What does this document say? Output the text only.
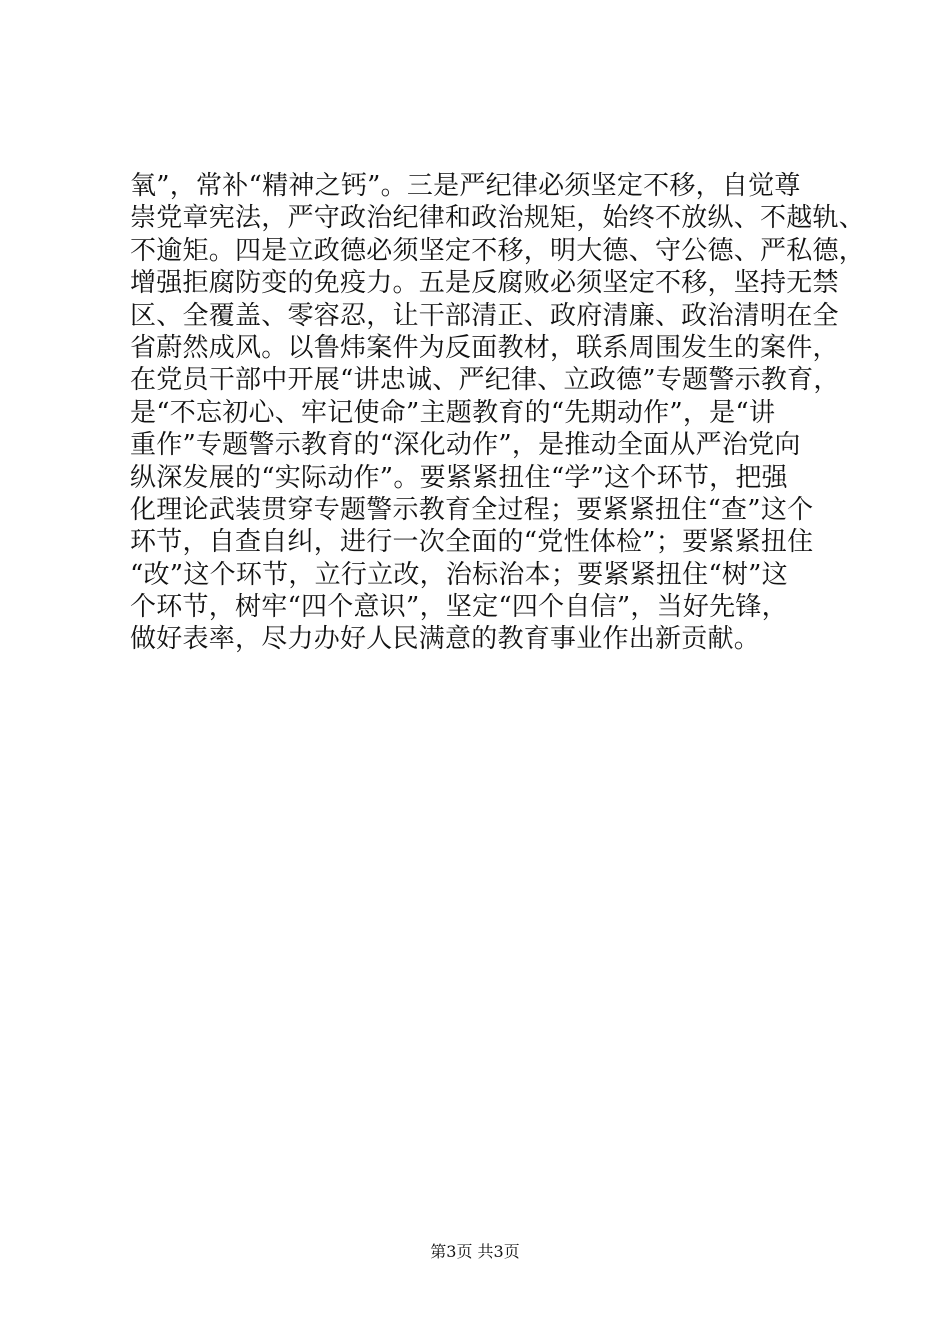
氧”，常补“精神之钙”。三是严纪律必须坚定不移，自觉尊
崇党章宪法，严守政治纪律和政治规矩，始终不放纵、不越轨、
不逾矩。四是立政德必须坚定不移，明大德、守公德、严私德，
增强拒腐防变的免疫力。五是反腐败必须坚定不移，坚持无禁
区、全覆盖、零容忍，让干部清正、政府清廉、政治清明在全
省蔚然成风。以鲁炜案件为反面教材，联系周围发生的案件，
在党员干部中开展“讲忠诚、严纪律、立政德”专题警示教育，
是“不忘初心、牢记使命”主题教育的“先期动作”，是“讲
重作”专题警示教育的“深化动作”，是推动全面从严治党向
纵深发展的“实际动作”。要紧紧扭住“学”这个环节，把强
化理论武装贯穿专题警示教育全过程；要紧紧扭住“查”这个
环节，自查自纠，进行一次全面的“党性体检”；要紧紧扭住
“改”这个环节，立行立改，治标治本；要紧紧扭住“树”这
个环节，树牢“四个意识”，坚定“四个自信”，当好先锋，
做好表率，尽力办好人民满意的教育事业作出新贡献。
第3页 共3页
